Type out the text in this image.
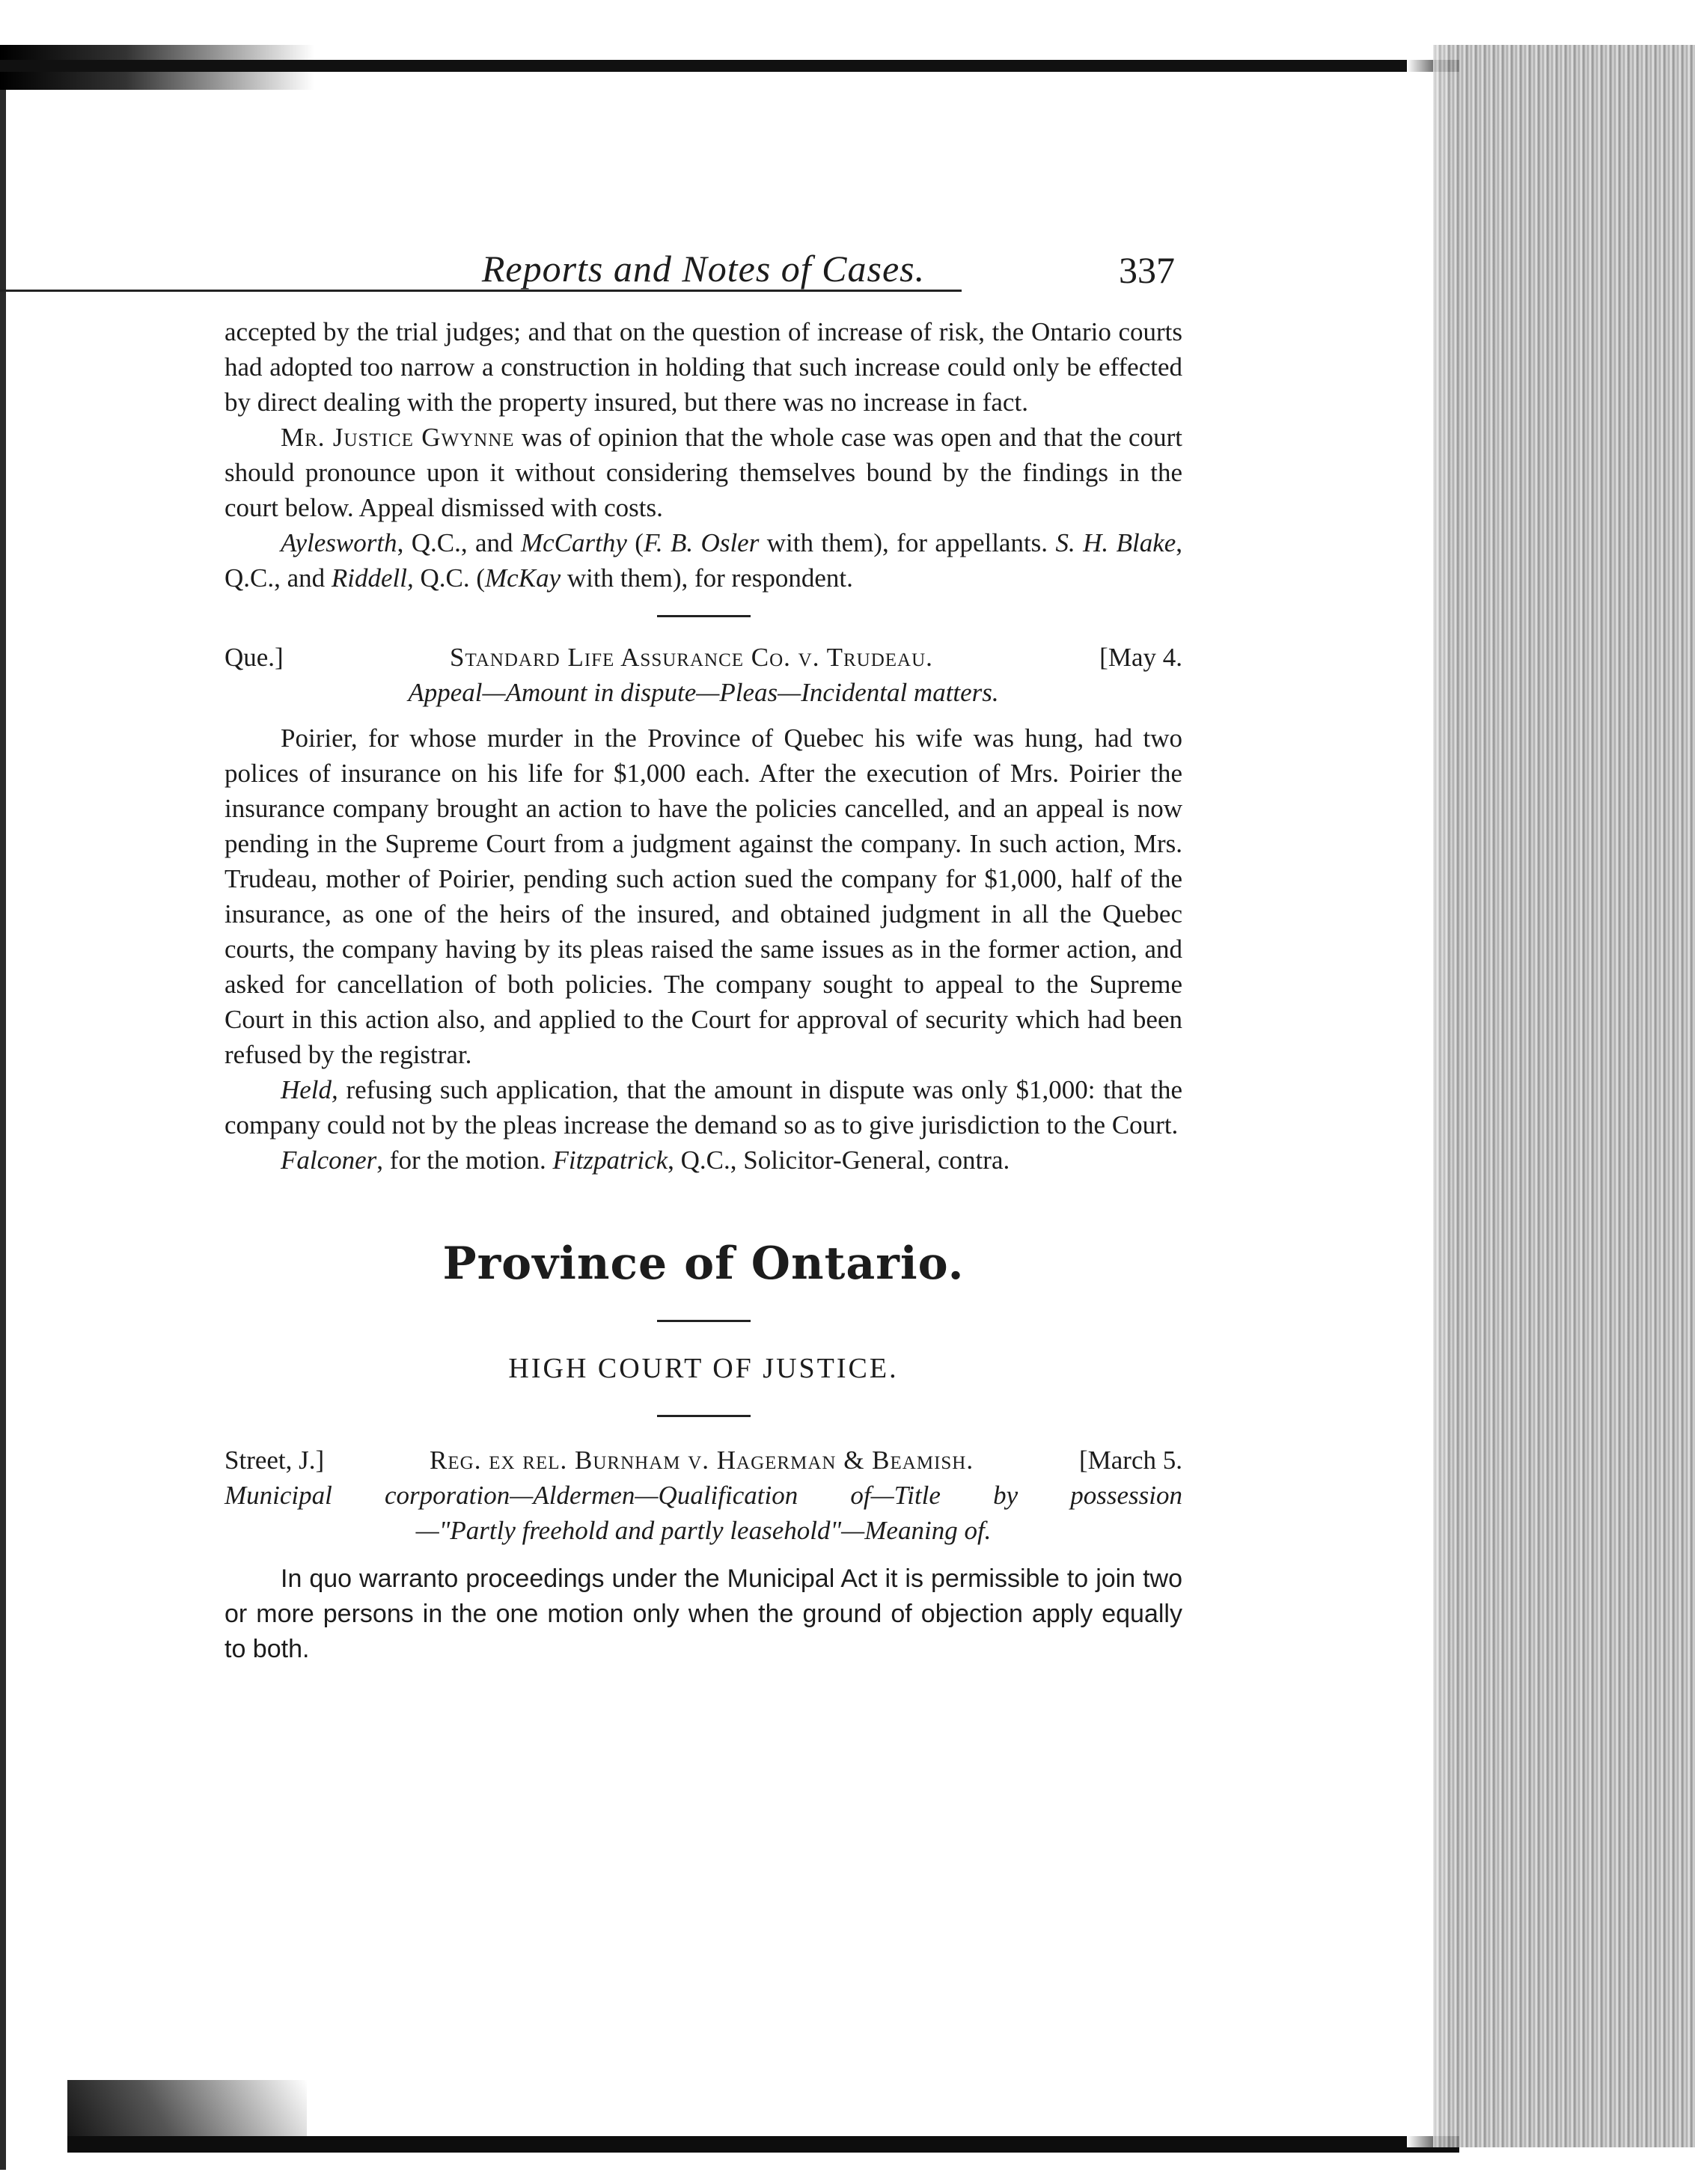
Reports and Notes of Cases.	337

accepted by the trial judges; and that on the question of increase of risk, the Ontario courts had adopted too narrow a construction in holding that such increase could only be effected by direct dealing with the property insured, but there was no increase in fact.

Mr. Justice Gwynne was of opinion that the whole case was open and that the court should pronounce upon it without considering themselves bound by the findings in the court below. Appeal dismissed with costs.

Aylesworth, Q.C., and McCarthy (F. B. Osler with them), for appellants. S. H. Blake, Q.C., and Riddell, Q.C. (McKay with them), for respondent.

Que.]	Standard Life Assurance Co. v. Trudeau.	[May 4.
Appeal—Amount in dispute—Pleas—Incidental matters.

Poirier, for whose murder in the Province of Quebec his wife was hung, had two polices of insurance on his life for $1,000 each. After the execution of Mrs. Poirier the insurance company brought an action to have the policies cancelled, and an appeal is now pending in the Supreme Court from a judgment against the company. In such action, Mrs. Trudeau, mother of Poirier, pending such action sued the company for $1,000, half of the insurance, as one of the heirs of the insured, and obtained judgment in all the Quebec courts, the company having by its pleas raised the same issues as in the former action, and asked for cancellation of both policies. The company sought to appeal to the Supreme Court in this action also, and applied to the Court for approval of security which had been refused by the registrar.

Held, refusing such application, that the amount in dispute was only $1,000: that the company could not by the pleas increase the demand so as to give jurisdiction to the Court.

Falconer, for the motion. Fitzpatrick, Q.C., Solicitor-General, contra.

Province of Ontario.
HIGH COURT OF JUSTICE.
Street, J.]	Reg. ex rel. Burnham v. Hagerman & Beamish.	[March 5.
Municipal corporation—Aldermen—Qualification of—Title by possession
—"Partly freehold and partly leasehold"—Meaning of.

In quo warranto proceedings under the Municipal Act it is permissible to join two or more persons in the one motion only when the ground of objection apply equally to both.
